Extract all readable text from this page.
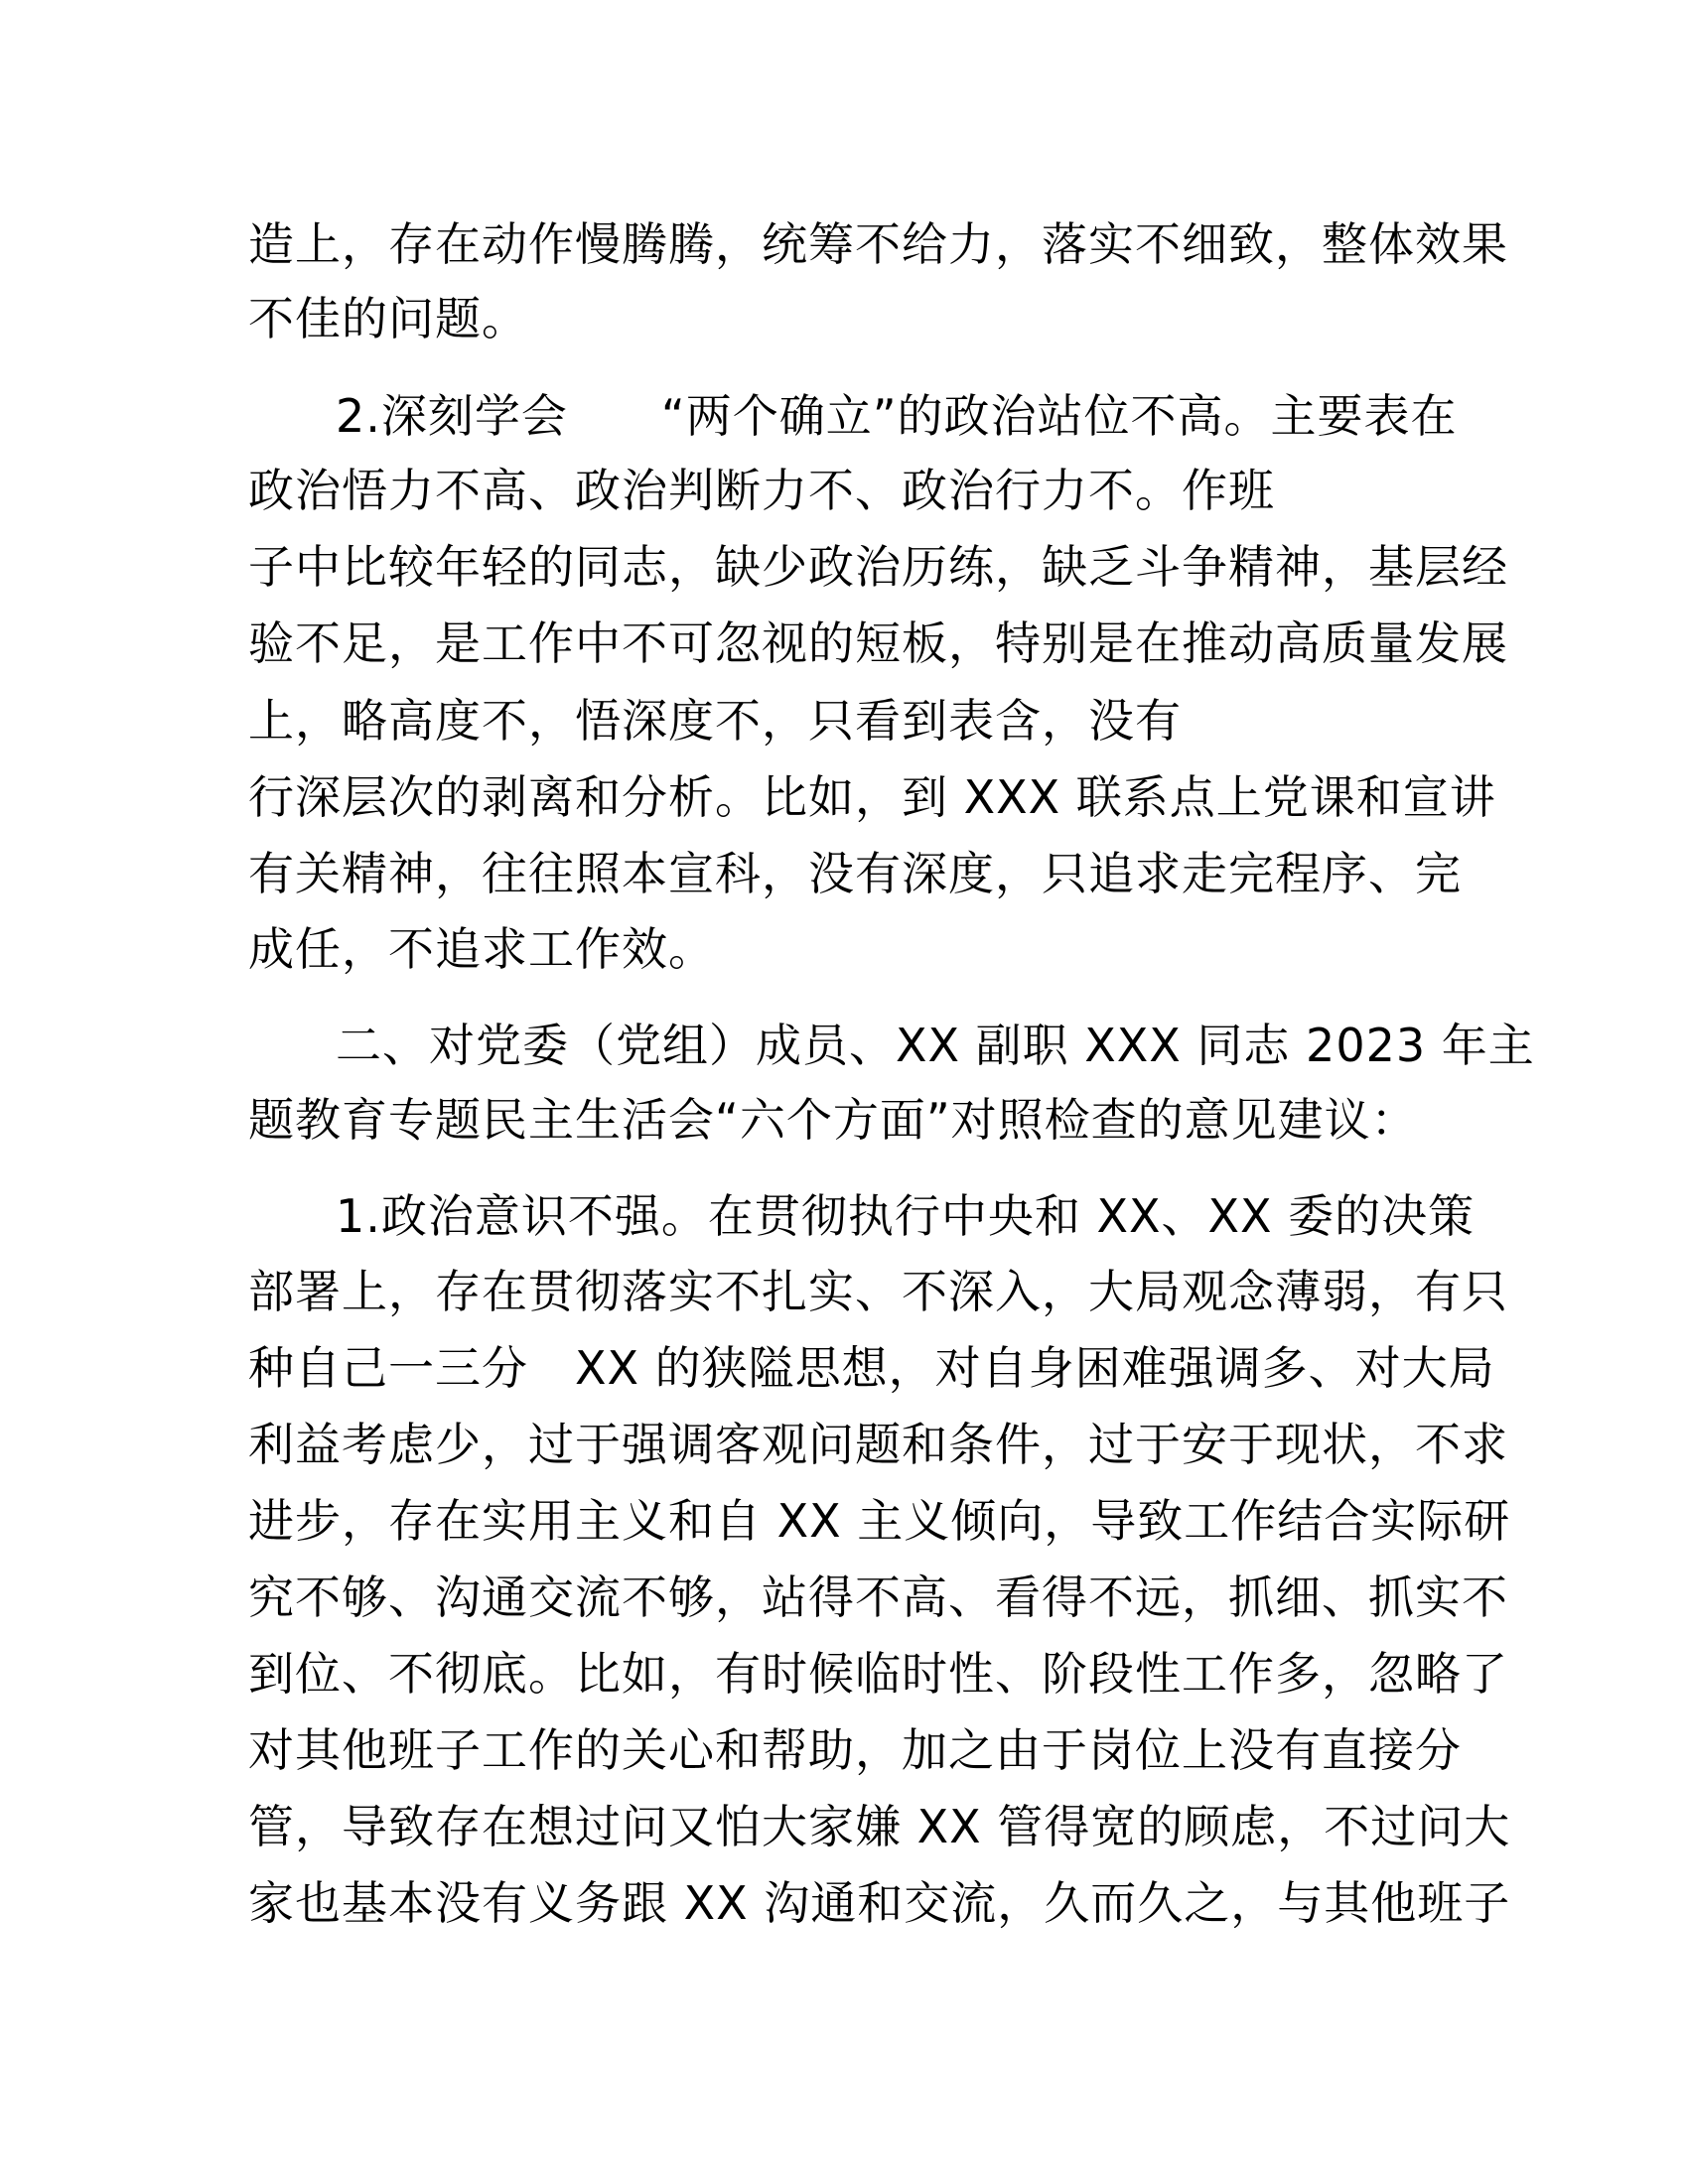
造上，存在动作慢腾腾，统筹不给力，落实不细致，整体效果
不佳的问题。
2.深刻学会　　“两个确立”的政治站位不高。主要表在
政治悟力不高、政治判断力不、政治行力不。作班
子中比较年轻的同志，缺少政治历练，缺乏斗争精神，基层经
验不足，是工作中不可忽视的短板，特别是在推动高质量发展
上，略高度不，悟深度不，只看到表含，没有
行深层次的剥离和分析。比如，到 XXX 联系点上党课和宣讲
有关精神，往往照本宣科，没有深度，只追求走完程序、完
成任，不追求工作效。
二、对党委（党组）成员、XX 副职 XXX 同志 2023 年主
题教育专题民主生活会“六个方面”对照检查的意见建议：
1.政治意识不强。在贯彻执行中央和 XX、XX 委的决策
部署上，存在贯彻落实不扎实、不深入，大局观念薄弱，有只
种自己一三分　XX 的狭隘思想，对自身困难强调多、对大局
利益考虑少，过于强调客观问题和条件，过于安于现状，不求
进步，存在实用主义和自 XX 主义倾向，导致工作结合实际研
究不够、沟通交流不够，站得不高、看得不远，抓细、抓实不
到位、不彻底。比如，有时候临时性、阶段性工作多，忽略了
对其他班子工作的关心和帮助，加之由于岗位上没有直接分
管，导致存在想过问又怕大家嫌 XX 管得宽的顾虑，不过问大
家也基本没有义务跟 XX 沟通和交流，久而久之，与其他班子
